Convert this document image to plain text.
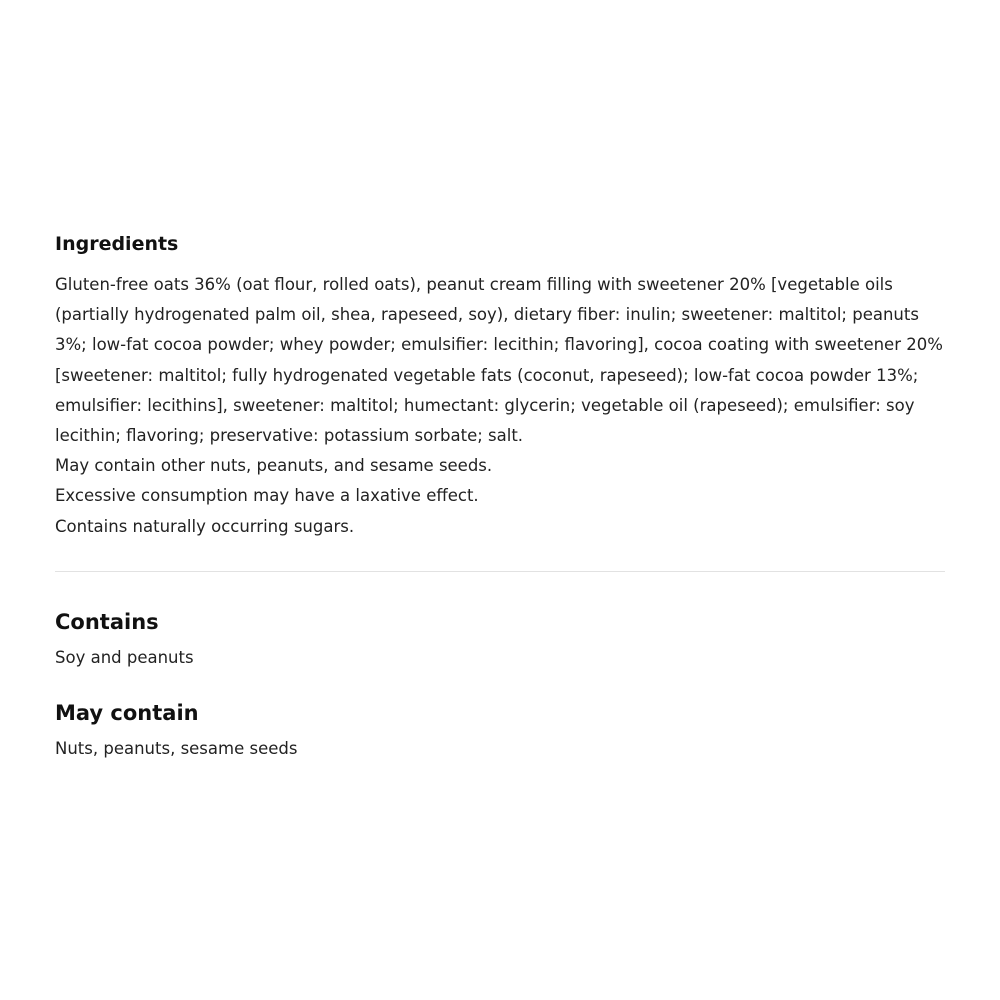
Ingredients

Gluten-free oats 36% (oat flour, rolled oats), peanut cream filling with sweetener 20% [vegetable oils (partially hydrogenated palm oil, shea, rapeseed, soy), dietary fiber: inulin; sweetener: maltitol; peanuts 3%; low-fat cocoa powder; whey powder; emulsifier: lecithin; flavoring], cocoa coating with sweetener 20% [sweetener: maltitol; fully hydrogenated vegetable fats (coconut, rapeseed); low-fat cocoa powder 13%; emulsifier: lecithins], sweetener: maltitol; humectant: glycerin; vegetable oil (rapeseed); emulsifier: soy lecithin; flavoring; preservative: potassium sorbate; salt.

May contain other nuts, peanuts, and sesame seeds.

Excessive consumption may have a laxative effect.

Contains naturally occurring sugars.

Contains

Soy and peanuts

May contain

Nuts, peanuts, sesame seeds
